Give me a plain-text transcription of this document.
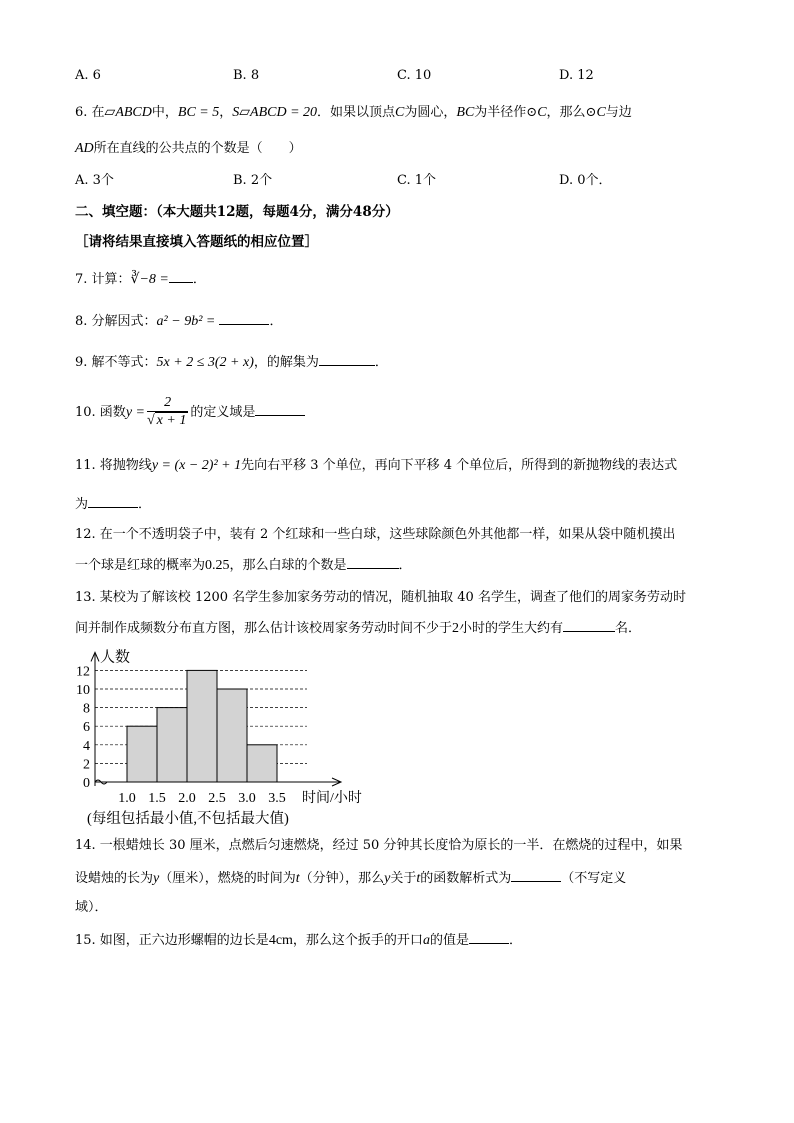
A. 6	B. 8	C. 10	D. 12
6. 在▱ABCD中，BC = 5，S▱ABCD = 20．如果以顶点C为圆心，BC为半径作⊙C，那么⊙C与边
AD所在直线的公共点的个数是（　　）
A. 3个	B. 2个	C. 1个	D. 0个．
二、填空题：（本大题共12题，每题4分，满分48分）
［请将结果直接填入答题纸的相应位置］
7. 计算：∛−8 = ．
8. 分解因式：a² − 9b² =	．
9. 解不等式：5x + 2 ≤ 3(2 + x)，的解集为	．
10. 函数$y = \frac{2}{√ x + 1}$ 的定义域是
11. 将抛物线y = (x − 2)² + 1先向右平移 3 个单位，再向下平移 4 个单位后，所得到的新抛物线的表达式
为	．
12. 在一个不透明袋子中，装有 2 个红球和一些白球，这些球除颜色外其他都一样，如果从袋中随机摸出
一个球是红球的概率为0.25，那么白球的个数是	．
13. 某校为了解该校 1200 名学生参加家务劳动的情况，随机抽取 40 名学生，调查了他们的周家务劳动时
间并制作成频数分布直方图，那么估计该校周家务劳动时间不少于2小时的学生大约有	名．
0
2
4
6
8
10
12
1.0 1.5 2.0 2.5 3.0 3.5
人数
时间/小时
(每组包括最小值,不包括最大值)
14. 一根蜡烛长 30 厘米，点燃后匀速燃烧，经过 50 分钟其长度恰为原长的一半．在燃烧的过程中，如果
设蜡烛的长为y（厘米），燃烧的时间为t（分钟），那么y关于t的函数解析式为	（不写定义
域）．
15. 如图，正六边形螺帽的边长是4cm，那么这个扳手的开口a的值是	．
